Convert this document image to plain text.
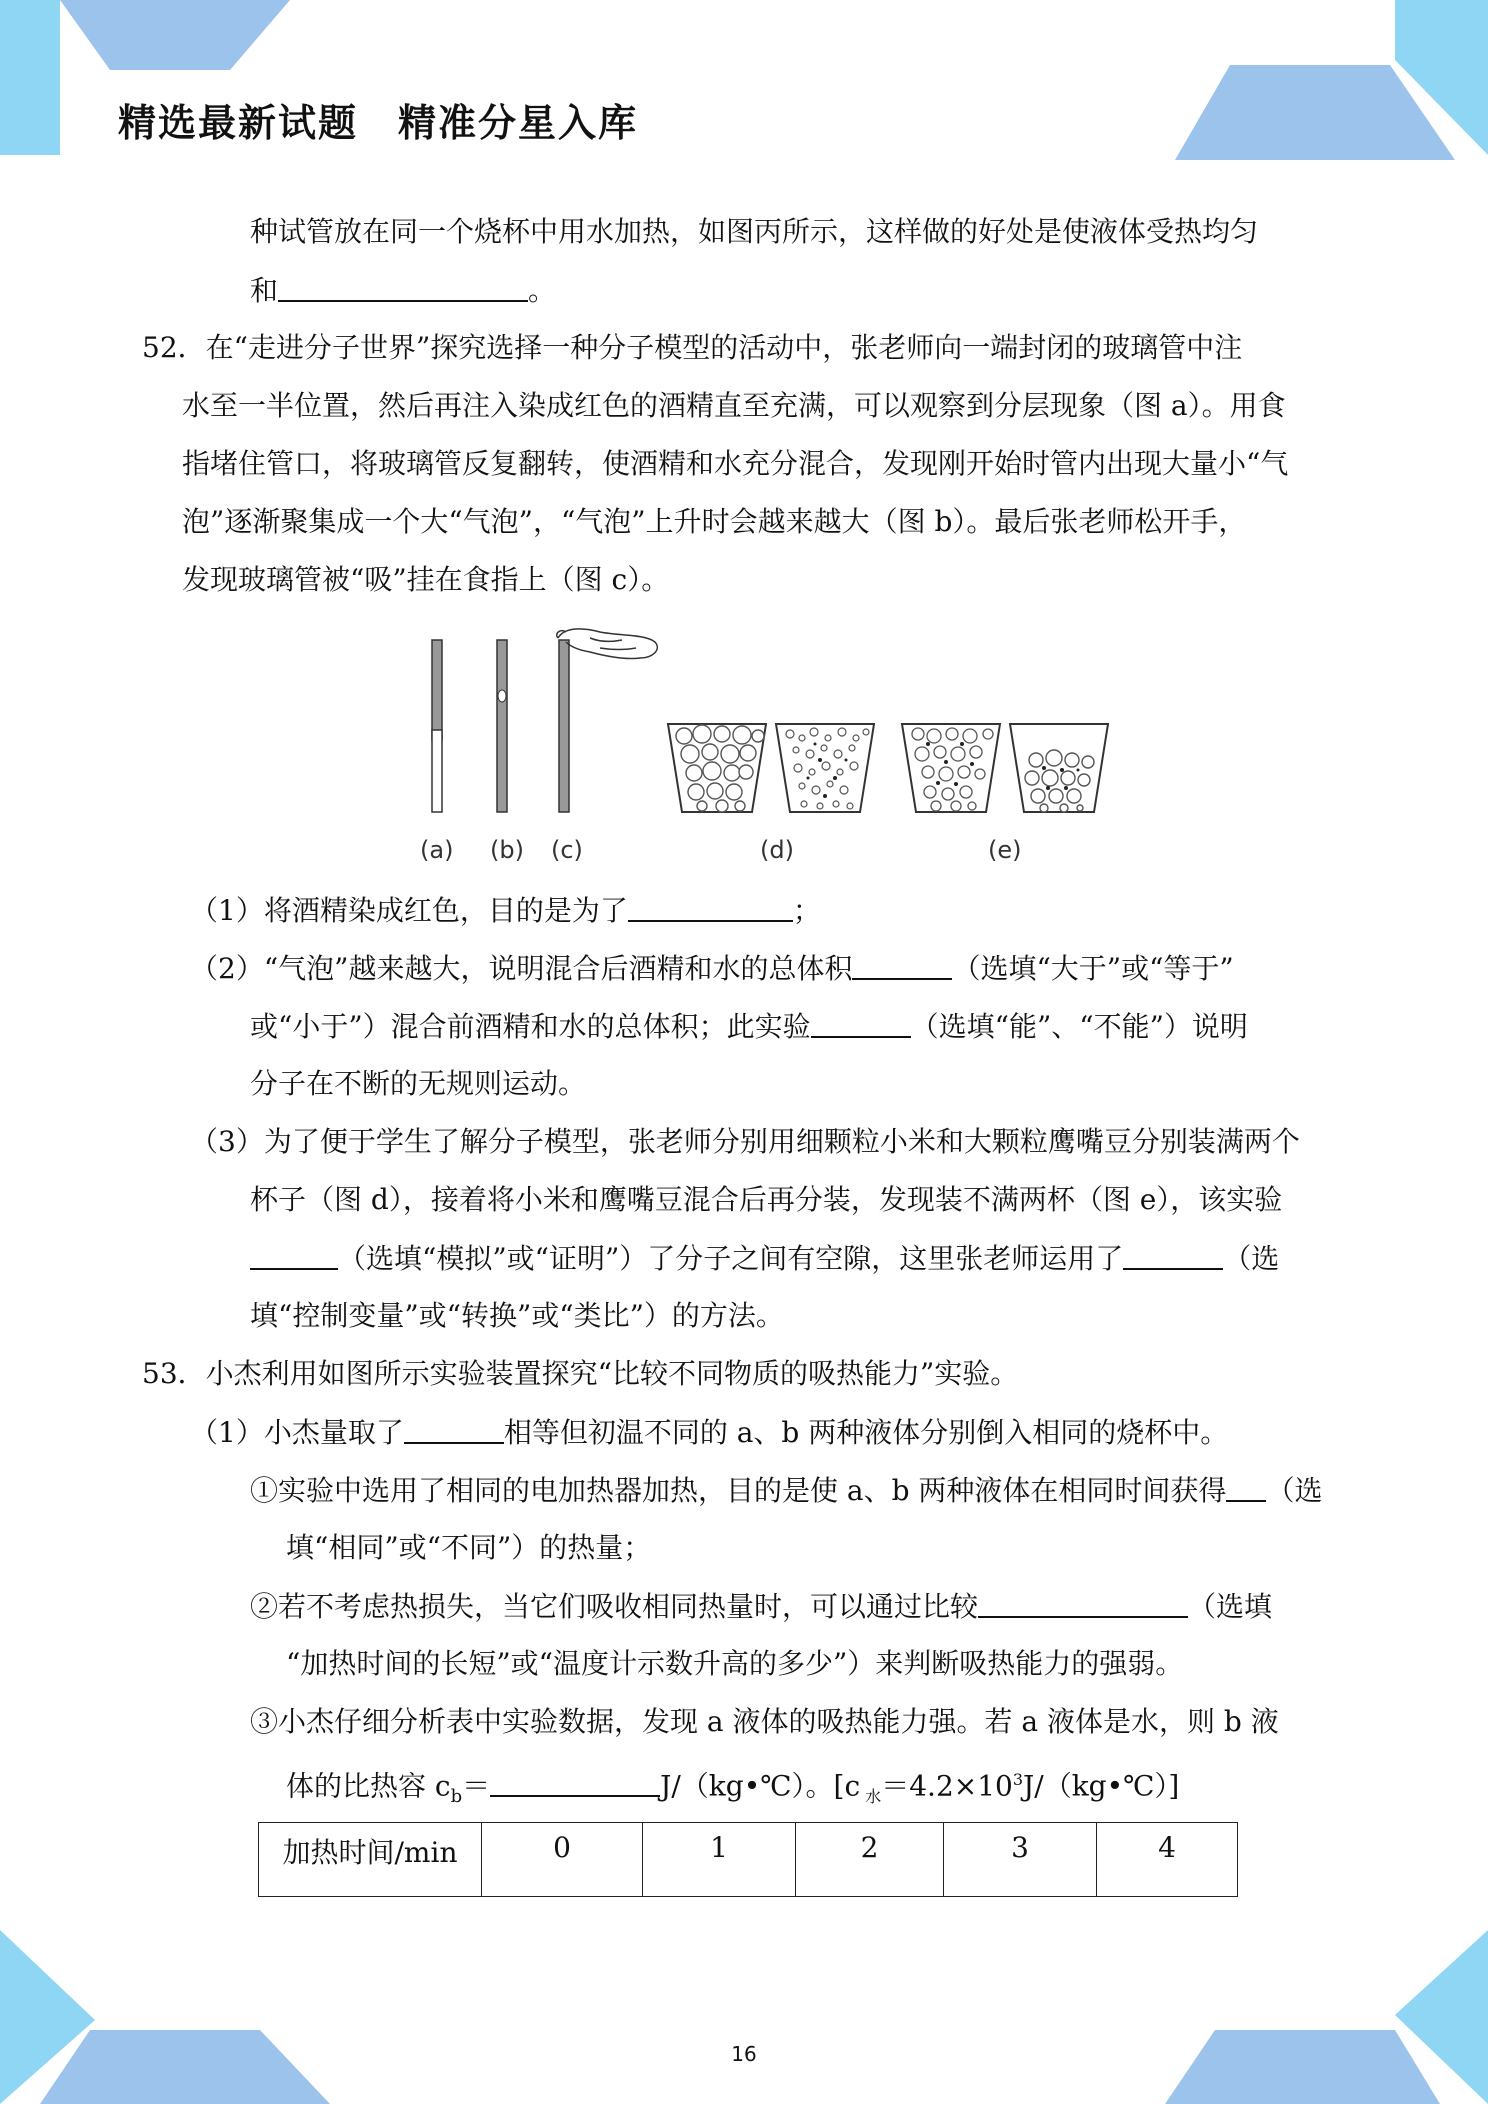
精选最新试题 精准分星入库
种试管放在同一个烧杯中用水加热，如图丙所示，这样做的好处是使液体受热均匀
和	。
52．在“走进分子世界”探究选择一种分子模型的活动中，张老师向一端封闭的玻璃管中注
水至一半位置，然后再注入染成红色的酒精直至充满，可以观察到分层现象（图 a）。用食
指堵住管口，将玻璃管反复翻转，使酒精和水充分混合，发现刚开始时管内出现大量小“气
泡”逐渐聚集成一个大“气泡”，“气泡”上升时会越来越大（图 b）。最后张老师松开手，
发现玻璃管被“吸”挂在食指上（图 c）。
(a) (b) (c)	(d)	(e)
（1）将酒精染成红色，目的是为了	；
（2）“气泡”越来越大，说明混合后酒精和水的总体积	（选填“大于”或“等于”
或“小于”）混合前酒精和水的总体积；此实验	（选填“能”、“不能”）说明
分子在不断的无规则运动。
（3）为了便于学生了解分子模型，张老师分别用细颗粒小米和大颗粒鹰嘴豆分别装满两个
杯子（图 d），接着将小米和鹰嘴豆混合后再分装，发现装不满两杯（图 e），该实验
（选填“模拟”或“证明”）了分子之间有空隙，这里张老师运用了	（选
填“控制变量”或“转换”或“类比”）的方法。
53．小杰利用如图所示实验装置探究“比较不同物质的吸热能力”实验。
（1）小杰量取了	相等但初温不同的 a、b 两种液体分别倒入相同的烧杯中。
①实验中选用了相同的电加热器加热，目的是使 a、b 两种液体在相同时间获得 （选
填“相同”或“不同”）的热量；
②若不考虑热损失，当它们吸收相同热量时，可以通过比较	（选填
“加热时间的长短”或“温度计示数升高的多少”）来判断吸热能力的强弱。
③小杰仔细分析表中实验数据，发现 a 液体的吸热能力强。若 a 液体是水，则 b 液
体的比热容 $c_b=$	J/（kg•℃）。[c $_水=4.2\times 10^3J/(kg•℃)$]
加热时间/min	0	1	2	3	4
16
